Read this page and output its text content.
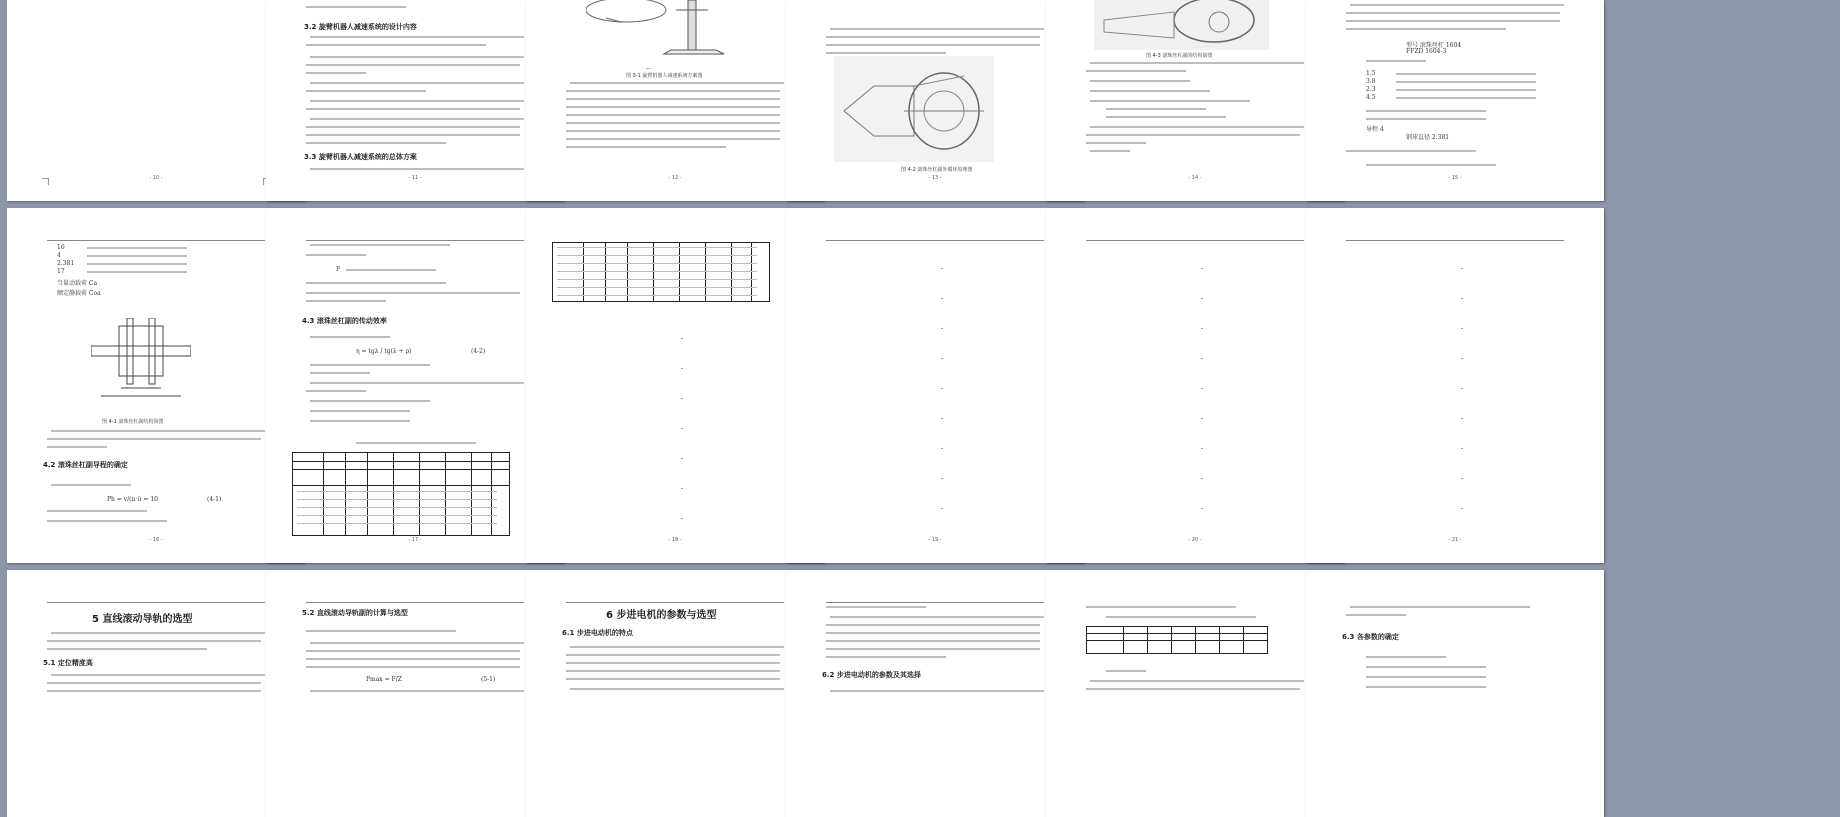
- 10 -
3.2 旋臂机器人减速系统的设计内容
3.3 旋臂机器人减速系统的总体方案
- 11 -
—
图 3-1 旋臂机器人减速系统方案图
- 12 -
图 4-2 滚珠丝杠副外循环原理图
- 13 -
图 4-3 滚珠丝杠副的结构简图
- 14 -
型号 滚珠丝杠 1604
FFZD 1604-3
1.5
3.8
2.3
4.5
导程 4
钢球直径 2.381
- 15 -
16
4
2.381
17
当量动载荷 Ca
额定静载荷 Coa
图 4-1 滚珠丝杠副结构简图
4.2 滚珠丝杠副导程的确定
Ph = v/(n·i) = 10	(4-1)
- 16 -
F
4.3 滚珠丝杠副的传动效率
η = tgλ / tg(λ + ρ)	(4-2)
- 17 -	- 18 -	- 19 -	- 20 -	- 21 -
5 直线滚动导轨的选型
5.1 定位精度高
5.2 直线滚动导轨副的计算与选型
Pmax = F/Z	(5-1)
6 步进电机的参数与选型
6.1 步进电动机的特点
6.2 步进电动机的参数及其选择
6.3 各参数的确定
